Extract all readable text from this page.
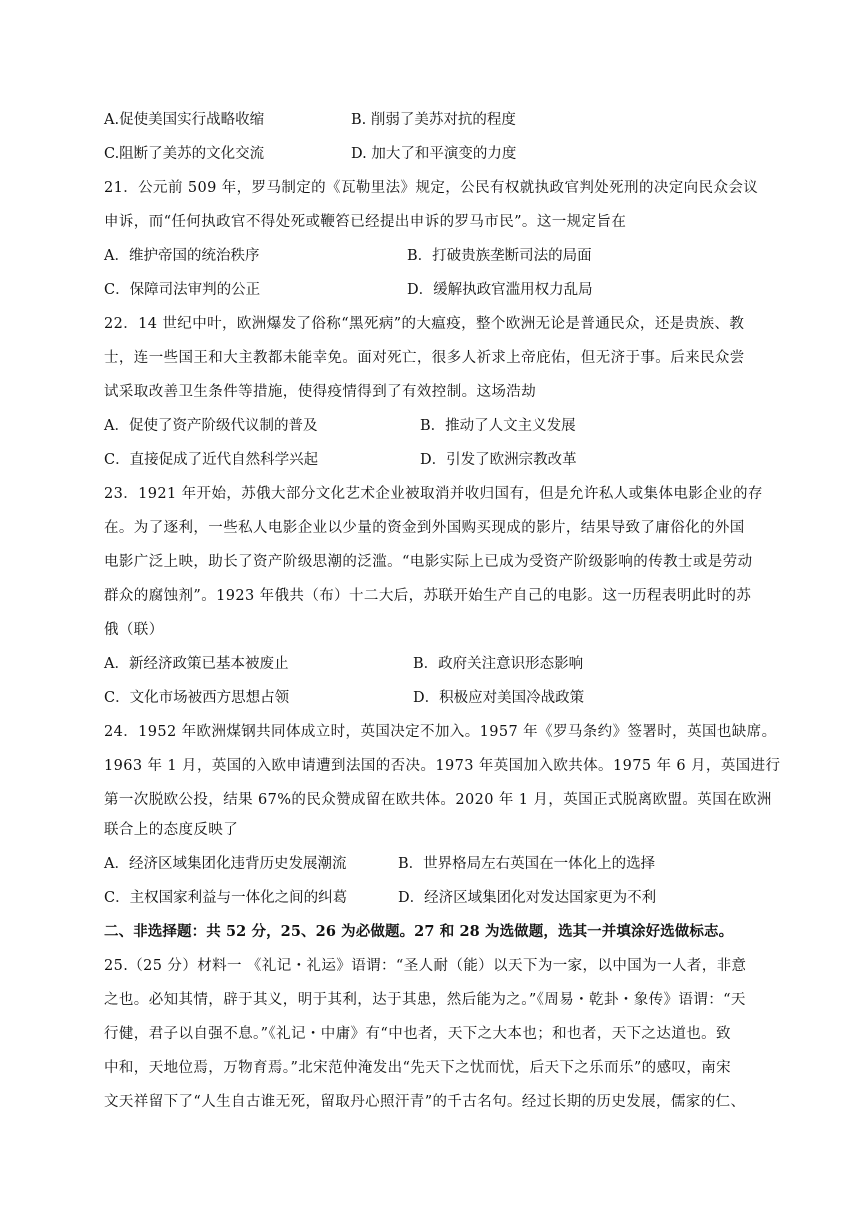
A.促使美国实行战略收缩	B. 削弱了美苏对抗的程度
C.阻断了美苏的文化交流	D. 加大了和平演变的力度
21．公元前 509 年，罗马制定的《瓦勒里法》规定，公民有权就执政官判处死刑的决定向民众会议
申诉，而“任何执政官不得处死或鞭笞已经提出申诉的罗马市民”。这一规定旨在
A．维护帝国的统治秩序	B．打破贵族垄断司法的局面
C．保障司法审判的公正	D．缓解执政官滥用权力乱局
22．14 世纪中叶，欧洲爆发了俗称“黑死病”的大瘟疫，整个欧洲无论是普通民众，还是贵族、教
士，连一些国王和大主教都未能幸免。面对死亡，很多人祈求上帝庇佑，但无济于事。后来民众尝
试采取改善卫生条件等措施，使得疫情得到了有效控制。这场浩劫
A．促使了资产阶级代议制的普及	B．推动了人文主义发展
C．直接促成了近代自然科学兴起	D．引发了欧洲宗教改革
23．1921 年开始，苏俄大部分文化艺术企业被取消并收归国有，但是允许私人或集体电影企业的存
在。为了逐利，一些私人电影企业以少量的资金到外国购买现成的影片，结果导致了庸俗化的外国
电影广泛上映，助长了资产阶级思潮的泛滥。“电影实际上已成为受资产阶级影响的传教士或是劳动
群众的腐蚀剂”。1923 年俄共（布）十二大后，苏联开始生产自己的电影。这一历程表明此时的苏
俄（联）
A．新经济政策已基本被废止	B．政府关注意识形态影响
C．文化市场被西方思想占领	D．积极应对美国冷战政策
24．1952 年欧洲煤钢共同体成立时，英国决定不加入。1957 年《罗马条约》签署时，英国也缺席。
1963 年 1 月，英国的入欧申请遭到法国的否决。1973 年英国加入欧共体。1975 年 6 月，英国进行
第一次脱欧公投，结果 67%的民众赞成留在欧共体。2020 年 1 月，英国正式脱离欧盟。英国在欧洲
联合上的态度反映了
A．经济区域集团化违背历史发展潮流	B．世界格局左右英国在一体化上的选择
C．主权国家利益与一体化之间的纠葛	D．经济区域集团化对发达国家更为不利
二、非选择题：共 52 分，25、26 为必做题。27 和 28 为选做题，选其一并填涂好选做标志。
25.（25 分）材料一 《礼记・礼运》语谓：“圣人耐（能）以天下为一家，以中国为一人者，非意
之也。必知其情，辟于其义，明于其利，达于其患，然后能为之。”《周易・乾卦・象传》语谓：“天
行健，君子以自强不息。”《礼记・中庸》有“中也者，天下之大本也；和也者，天下之达道也。致
中和，天地位焉，万物育焉。”北宋范仲淹发出“先天下之忧而忧，后天下之乐而乐”的感叹，南宋
文天祥留下了“人生自古谁无死，留取丹心照汗青”的千古名句。经过长期的历史发展，儒家的仁、
